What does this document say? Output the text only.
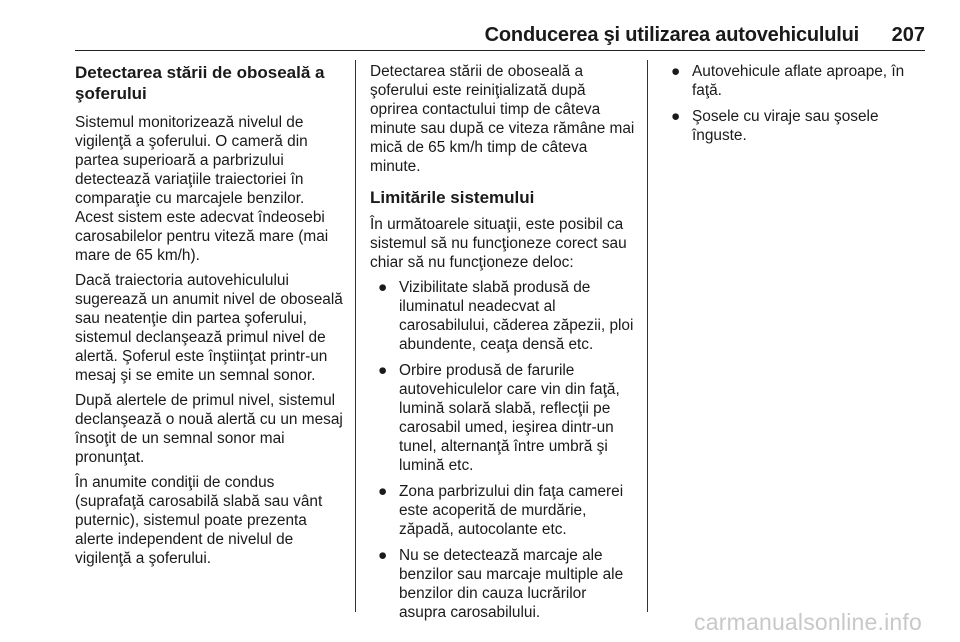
Conducerea şi utilizarea autovehiculului 207
Detectarea stării de oboseală a şoferului

Sistemul monitorizează nivelul de vigilenţă a şoferului. O cameră din partea superioară a parbrizului detectează variaţiile traiectoriei în comparaţie cu marcajele benzilor. Acest sistem este adecvat îndeosebi carosabilelor pentru viteză mare (mai mare de 65 km/h).

Dacă traiectoria autovehiculului sugerează un anumit nivel de oboseală sau neatenţie din partea şoferului, sistemul declanşează primul nivel de alertă. Şoferul este înştiinţat printr-un mesaj şi se emite un semnal sonor.

După alertele de primul nivel, sistemul declanşează o nouă alertă cu un mesaj însoţit de un semnal sonor mai pronunţat.

În anumite condiţii de condus (suprafaţă carosabilă slabă sau vânt puternic), sistemul poate prezenta alerte independent de nivelul de vigilenţă a şoferului.

Detectarea stării de oboseală a şoferului este reiniţializată după oprirea contactului timp de câteva minute sau după ce viteza rămâne mai mică de 65 km/h timp de câteva minute.

Limitările sistemului

În următoarele situaţii, este posibil ca sistemul să nu funcţioneze corect sau chiar să nu funcţioneze deloc:

● Vizibilitate slabă produsă de iluminatul neadecvat al carosabilului, căderea zăpezii, ploi abundente, ceaţa densă etc.
● Orbire produsă de farurile autovehiculelor care vin din faţă, lumină solară slabă, reflecţii pe carosabil umed, ieşirea dintr-un tunel, alternanţă între umbră şi lumină etc.
● Zona parbrizului din faţa camerei este acoperită de murdărie, zăpadă, autocolante etc.
● Nu se detectează marcaje ale benzilor sau marcaje multiple ale benzilor din cauza lucrărilor asupra carosabilului.
● Autovehicule aflate aproape, în faţă.
● Şosele cu viraje sau şosele înguste.
carmanualsonline.info
